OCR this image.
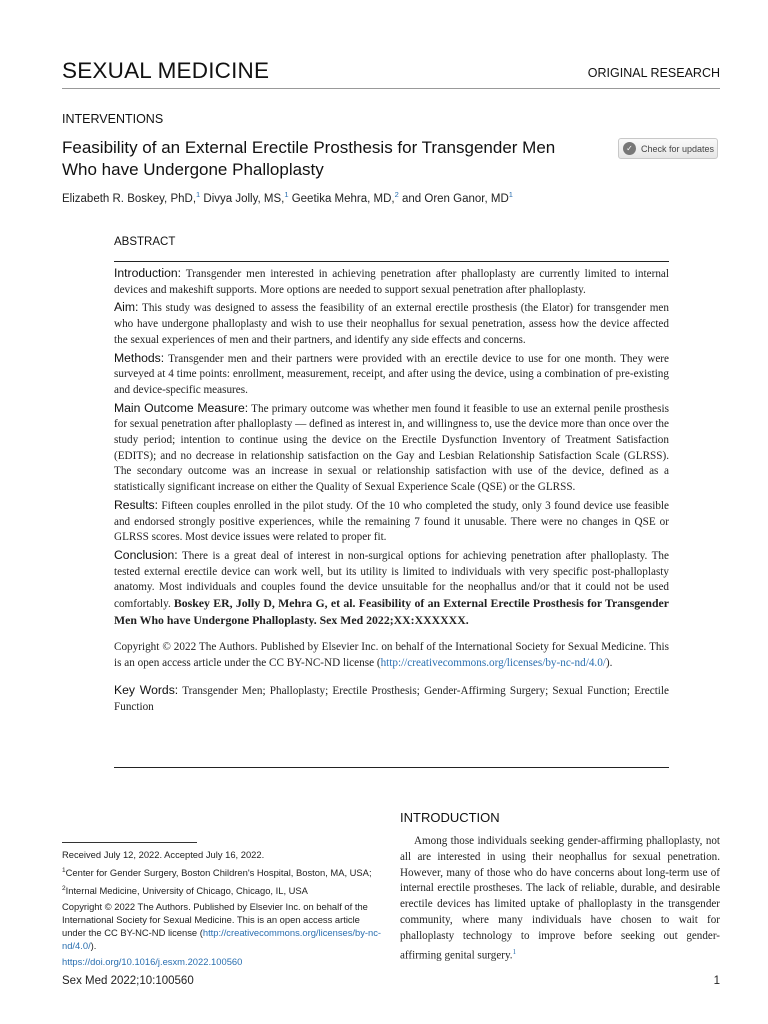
SEXUAL MEDICINE	ORIGINAL RESEARCH
INTERVENTIONS
Feasibility of an External Erectile Prosthesis for Transgender Men Who have Undergone Phalloplasty
✓ Check for updates
Elizabeth R. Boskey, PhD,$^1$ Divya Jolly, MS,$^1$ Geetika Mehra, MD,$^2$ and Oren Ganor, $MD^1$
ABSTRACT

Introduction: Transgender men interested in achieving penetration after phalloplasty are currently limited to internal devices and makeshift supports. More options are needed to support sexual penetration after phalloplasty.

Aim: This study was designed to assess the feasibility of an external erectile prosthesis (the Elator) for transgender men who have undergone phalloplasty and wish to use their neophallus for sexual penetration, assess how the device affected the sexual experiences of men and their partners, and identify any side effects and concerns.

Methods: Transgender men and their partners were provided with an erectile device to use for one month. They were surveyed at 4 time points: enrollment, measurement, receipt, and after using the device, using a combination of pre-existing and device-specific measures.

Main Outcome Measure: The primary outcome was whether men found it feasible to use an external penile prosthesis for sexual penetration after phalloplasty — defined as interest in, and willingness to, use the device more than once over the study period; intention to continue using the device on the Erectile Dysfunction Inventory of Treatment Satisfaction (EDITS); and no decrease in relationship satisfaction on the Gay and Lesbian Relationship Satisfaction Scale (GLRSS). The secondary outcome was an increase in sexual or relationship satisfaction with use of the device, defined as a statistically significant increase on either the Quality of Sexual Experience Scale (QSE) or the GLRSS.

Results: Fifteen couples enrolled in the pilot study. Of the 10 who completed the study, only 3 found device use feasible and endorsed strongly positive experiences, while the remaining 7 found it unusable. There were no changes in QSE or GLRSS scores. Most device issues were related to proper fit.

Conclusion: There is a great deal of interest in non-surgical options for achieving penetration after phalloplasty. The tested external erectile device can work well, but its utility is limited to individuals with very specific post-phalloplasty anatomy. Most individuals and couples found the device unsuitable for the neophallus and/or that it could not be used comfortably. Boskey ER, Jolly D, Mehra G, et al. Feasibility of an External Erectile Prosthesis for Transgender Men Who have Undergone Phalloplasty. Sex Med 2022;XX:XXXXXX.

Copyright © 2022 The Authors. Published by Elsevier Inc. on behalf of the International Society for Sexual Medicine. This is an open access article under the CC BY-NC-ND license (http://creativecommons.org/licenses/by-nc-nd/4.0/).

Key Words: Transgender Men; Phalloplasty; Erectile Prosthesis; Gender-Affirming Surgery; Sexual Function; Erectile Function

INTRODUCTION
Among those individuals seeking gender-affirming phalloplasty, not all are interested in using their neophallus for sexual penetration. However, many of those who do have concerns about long-term use of internal erectile prostheses. The lack of reliable, durable, and desirable erectile devices has limited uptake of phalloplasty in the transgender community, where many individuals have chosen to wait for phalloplasty technology to improve before seeking out gender-affirming genital surgery.$^1$

Received July 12, 2022. Accepted July 16, 2022.

$^1$Center for Gender Surgery, Boston Children's Hospital, Boston, MA, USA;

$^2$Internal Medicine, University of Chicago, Chicago, IL, USA

Copyright © 2022 The Authors. Published by Elsevier Inc. on behalf of the International Society for Sexual Medicine. This is an open access article under the CC BY-NC-ND license (http://creativecommons.org/licenses/by-nc-nd/4.0/).

https://doi.org/10.1016/j.esxm.2022.100560

Sex Med 2022;10:100560	1
